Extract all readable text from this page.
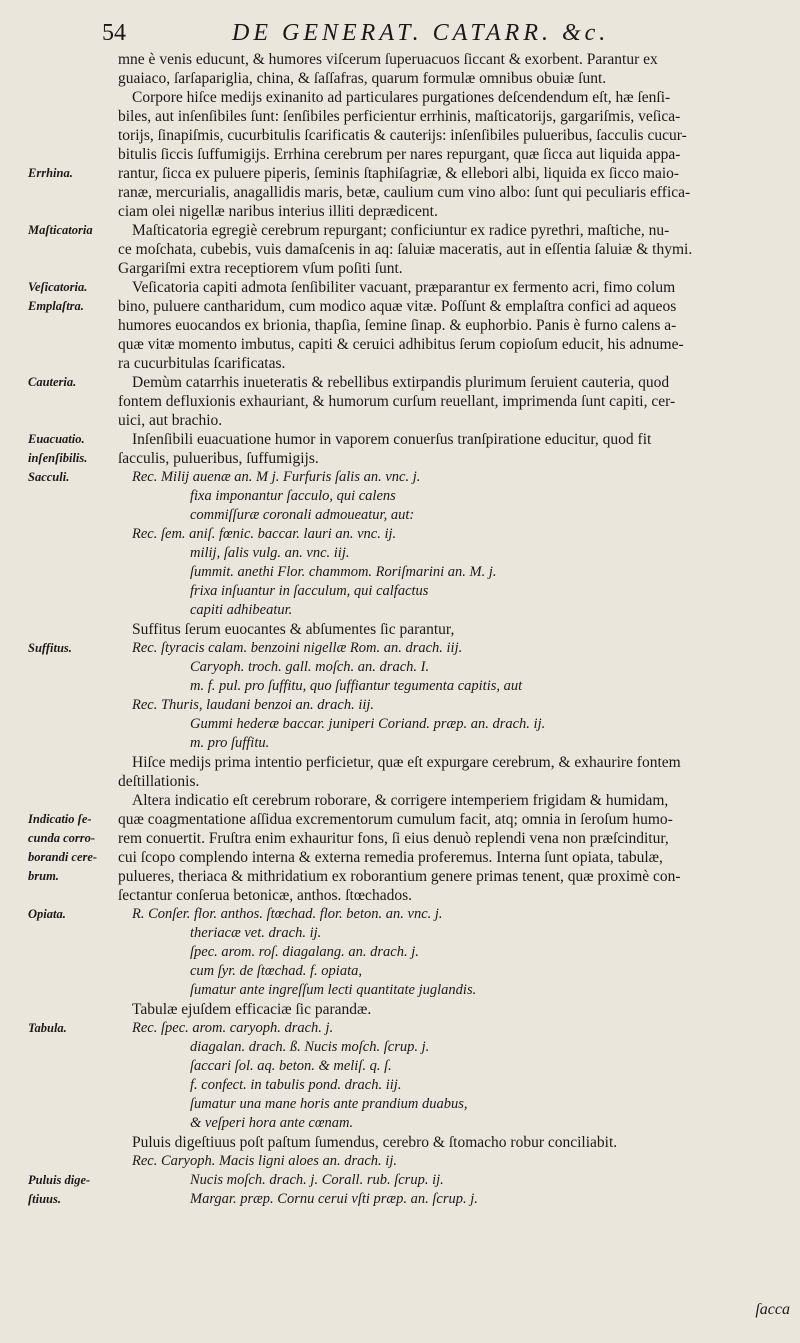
54	DE GENERAT. CATARR. &c.
mne è venis educunt, & humores viſcerum ſuperuacuos ſiccant & exorbent. Parantur ex
guaiaco, ſarſapariglia, china, & ſaſſafras, quarum formulæ omnibus obuiæ ſunt.
Corpore hiſce medijs exinanito ad particulares purgationes deſcendendum eſt, hæ ſenſi-
biles, aut inſenſibiles ſunt: ſenſibiles perficientur errhinis, maſticatorijs, gargariſmis, veſica-
torijs, ſinapiſmis, cucurbitulis ſcarificatis & cauterijs: inſenſibiles pulueribus, ſacculis cucur-
bitulis ſiccis ſuffumigijs. Errhina cerebrum per nares repurgant, quæ ſicca aut liquida appa-
rantur, ſicca ex puluere piperis, ſeminis ſtaphiſagriæ, & ellebori albi, liquida ex ſicco maio-
Errhina.
ranæ, mercurialis, anagallidis maris, betæ, caulium cum vino albo: ſunt qui peculiaris effica-
ciam olei nigellæ naribus interius illiti deprædicent.
Maſticatoria egregiè cerebrum repurgant; conficiuntur ex radice pyrethri, maſtiche, nu-
Maſticatoria
ce moſchata, cubebis, vuis damaſcenis in aq: ſaluiæ maceratis, aut in eſſentia ſaluiæ & thymi.
Gargariſmi extra receptiorem vſum poſiti ſunt.
Veſicatoria capiti admota ſenſibiliter vacuant, præparantur ex fermento acri, fimo colum
Veſicatoria.
bino, puluere cantharidum, cum modico aquæ vitæ. Poſſunt & emplaſtra confici ad aqueos
Emplaſtra.
humores euocandos ex brionia, thapſia, ſemine ſinap. & euphorbio. Panis è furno calens a-
quæ vitæ momento imbutus, capiti & ceruici adhibitus ſerum copioſum educit, his adnume-
ra cucurbitulas ſcarificatas.
Demùm catarrhis inueteratis & rebellibus extirpandis plurimum ſeruient cauteria, quod
Cauteria.
fontem defluxionis exhauriant, & humorum curſum reuellant, imprimenda ſunt capiti, cer-
uici, aut brachio.
Inſenſibili euacuatione humor in vaporem conuerſus tranſpiratione educitur, quod fit
Euacuatio.
ſacculis, pulueribus, ſuffumigijs.
inſenſibilis.
Rec. Milij auenæ an. M j. Furfuris ſalis an. vnc. j.
Sacculi.
fixa imponantur ſacculo, qui calens
commiſſuræ coronali admoueatur, aut:
Rec. ſem. aniſ. fœnic. baccar. lauri an. vnc. ij.
milij, ſalis vulg. an. vnc. iij.
ſummit. anethi Flor. chammom. Roriſmarini an. M. j.
frixa inſuantur in ſacculum, qui calfactus
capiti adhibeatur.
Suffitus ſerum euocantes & abſumentes ſic parantur,
Rec. ſtyracis calam. benzoini nigellæ Rom. an. drach. iij.
Suffitus.
Caryoph. troch. gall. moſch. an. drach. I.
m. f. pul. pro ſuffitu, quo ſuffiantur tegumenta capitis, aut
Rec. Thuris, laudani benzoi an. drach. iij.
Gummi hederæ baccar. juniperi Coriand. præp. an. drach. ij.
m. pro ſuffitu.
Hiſce medijs prima intentio perficietur, quæ eſt expurgare cerebrum, & exhaurire fontem
deſtillationis.
Altera indicatio eſt cerebrum roborare, & corrigere intemperiem frigidam & humidam,
quæ coagmentatione aſſidua excrementorum cumulum facit, atq; omnia in ſeroſum humo-
Indicatio ſe-
rem conuertit. Fruſtra enim exhauritur fons, ſi eius denuò replendi vena non præſcinditur,
cunda corro-
cui ſcopo complendo interna & externa remedia proferemus. Interna ſunt opiata, tabulæ,
borandi cere-
pulueres, theriaca & mithridatium ex roborantium genere primas tenent, quæ proximè con-
brum.
ſectantur conſerua betonicæ, anthos. ſtœchados.
R. Conſer. flor. anthos. ſtœchad. flor. beton. an. vnc. j.
Opiata.
theriacæ vet. drach. ij.
ſpec. arom. roſ. diagalang. an. drach. j.
cum ſyr. de ſtœchad. f. opiata,
ſumatur ante ingreſſum lecti quantitate juglandis.
Tabulæ ejuſdem efficaciæ ſic parandæ.
Rec. ſpec. arom. caryoph. drach. j.
Tabula.
diagalan. drach. ß. Nucis moſch. ſcrup. j.
ſaccari ſol. aq. beton. & meliſ. q. ſ.
f. confect. in tabulis pond. drach. iij.
ſumatur una mane horis ante prandium duabus,
& veſperi hora ante cœnam.
Puluis digeſtiuus poſt paſtum ſumendus, cerebro & ſtomacho robur conciliabit.
Rec. Caryoph. Macis ligni aloes an. drach. ij.
Nucis moſch. drach. j. Corall. rub. ſcrup. ij.
Puluis dige-
Margar. præp. Cornu cerui vſti præp. an. ſcrup. j.
ſtiuus.
ſacca
